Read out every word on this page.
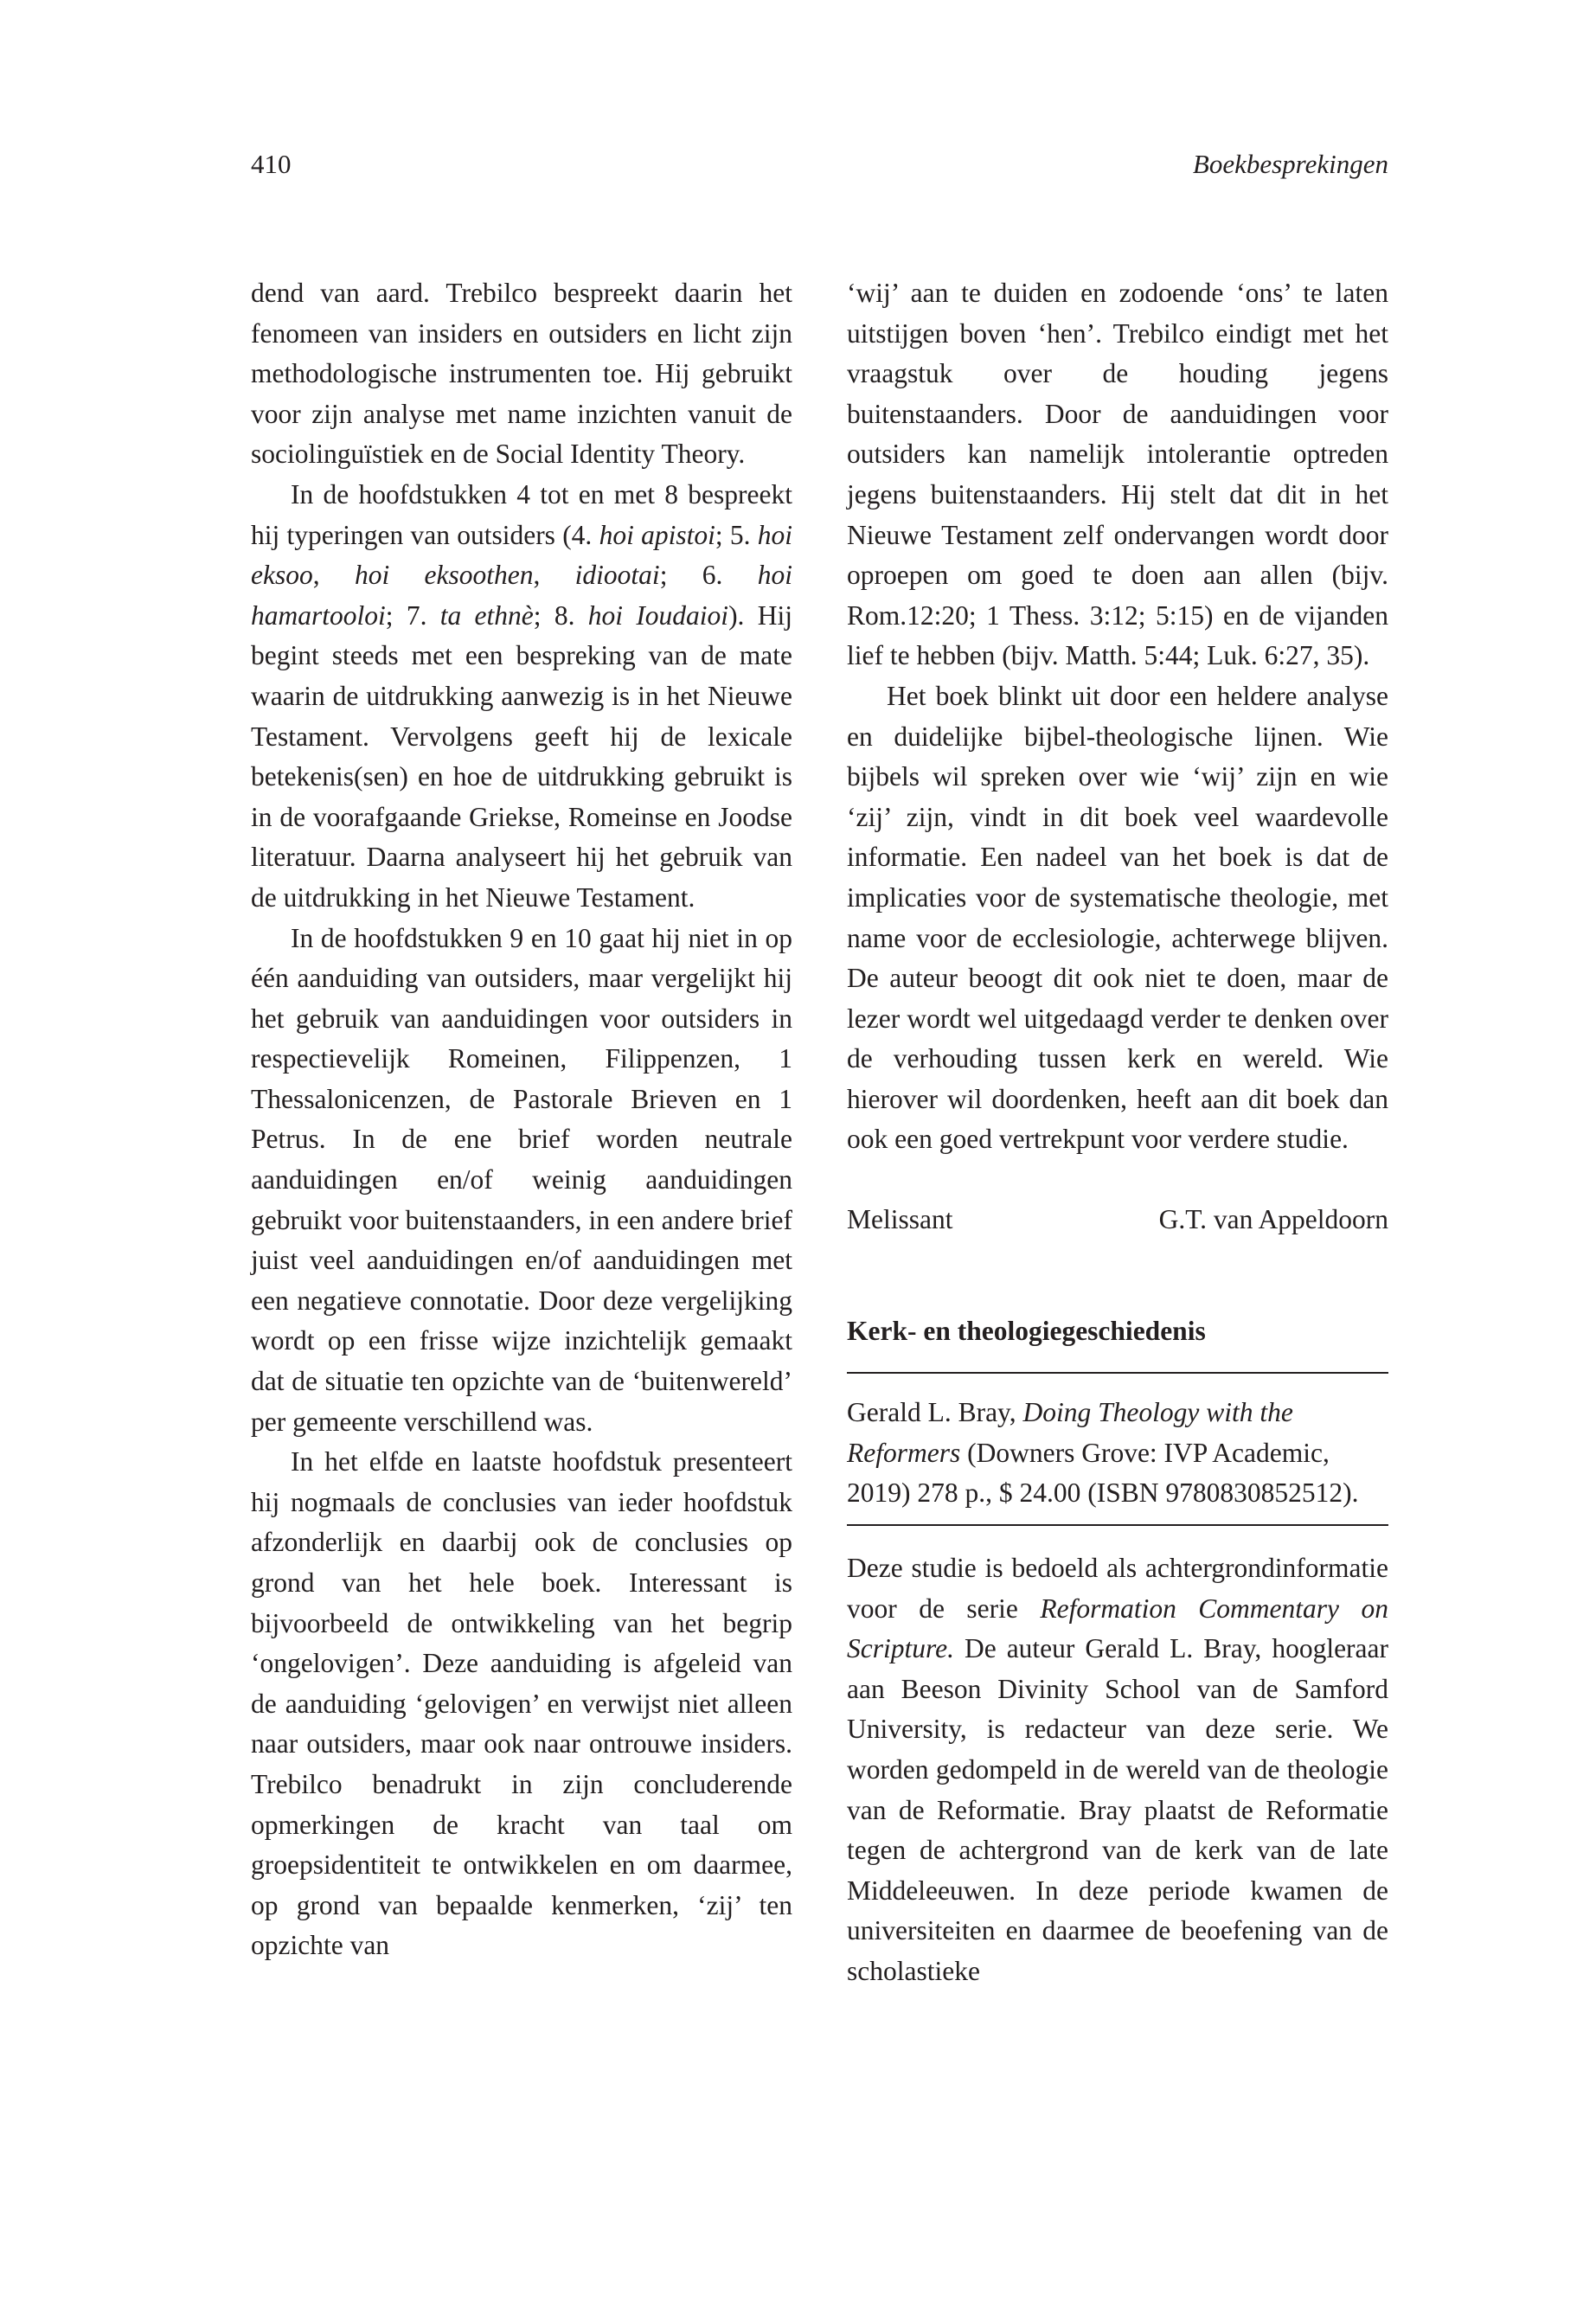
410	Boekbesprekingen

dend van aard. Trebilco bespreekt daarin het fenomeen van insiders en outsiders en licht zijn methodologische instrumenten toe. Hij gebruikt voor zijn analyse met name inzichten vanuit de sociolinguïstiek en de Social Identity Theory.

In de hoofdstukken 4 tot en met 8 bespreekt hij typeringen van outsiders (4. hoi apistoi; 5. hoi eksoo, hoi eksoothen, idiootai; 6. hoi hamartooloi; 7. ta ethnè; 8. hoi Ioudaioi). Hij begint steeds met een bespreking van de mate waarin de uitdrukking aanwezig is in het Nieuwe Testament. Vervolgens geeft hij de lexicale betekenis(sen) en hoe de uitdrukking gebruikt is in de voorafgaande Griekse, Romeinse en Joodse literatuur. Daarna analyseert hij het gebruik van de uitdrukking in het Nieuwe Testament.

In de hoofdstukken 9 en 10 gaat hij niet in op één aanduiding van outsiders, maar vergelijkt hij het gebruik van aanduidingen voor outsiders in respectievelijk Romeinen, Filippenzen, 1 Thessalonicenzen, de Pastorale Brieven en 1 Petrus. In de ene brief worden neutrale aanduidingen en/of weinig aanduidingen gebruikt voor buitenstaanders, in een andere brief juist veel aanduidingen en/of aanduidingen met een negatieve connotatie. Door deze vergelijking wordt op een frisse wijze inzichtelijk gemaakt dat de situatie ten opzichte van de ‘buitenwereld’ per gemeente verschillend was.

In het elfde en laatste hoofdstuk presenteert hij nogmaals de conclusies van ieder hoofdstuk afzonderlijk en daarbij ook de conclusies op grond van het hele boek. Interessant is bijvoorbeeld de ontwikkeling van het begrip ‘ongelovigen’. Deze aanduiding is afgeleid van de aanduiding ‘gelovigen’ en verwijst niet alleen naar outsiders, maar ook naar ontrouwe insiders. Trebilco benadrukt in zijn concluderende opmerkingen de kracht van taal om groepsidentiteit te ontwikkelen en om daarmee, op grond van bepaalde kenmerken, ‘zij’ ten opzichte van

‘wij’ aan te duiden en zodoende ‘ons’ te laten uitstijgen boven ‘hen’. Trebilco eindigt met het vraagstuk over de houding jegens buitenstaanders. Door de aanduidingen voor outsiders kan namelijk intolerantie optreden jegens buitenstaanders. Hij stelt dat dit in het Nieuwe Testament zelf ondervangen wordt door oproepen om goed te doen aan allen (bijv. Rom.12:20; 1 Thess. 3:12; 5:15) en de vijanden lief te hebben (bijv. Matth. 5:44; Luk. 6:27, 35).

Het boek blinkt uit door een heldere analyse en duidelijke bijbel-theologische lijnen. Wie bijbels wil spreken over wie ‘wij’ zijn en wie ‘zij’ zijn, vindt in dit boek veel waardevolle informatie. Een nadeel van het boek is dat de implicaties voor de systematische theologie, met name voor de ecclesiologie, achterwege blijven. De auteur beoogt dit ook niet te doen, maar de lezer wordt wel uitgedaagd verder te denken over de verhouding tussen kerk en wereld. Wie hierover wil doordenken, heeft aan dit boek dan ook een goed vertrekpunt voor verdere studie.

Melissant	G.T. van Appeldoorn
Kerk- en theologiegeschiedenis
Gerald L. Bray, Doing Theology with the Reformers (Downers Grove: IVP Academic, 2019) 278 p., $ 24.00 (ISBN 9780830852512).

Deze studie is bedoeld als achtergrondinformatie voor de serie Reformation Commentary on Scripture. De auteur Gerald L. Bray, hoogleraar aan Beeson Divinity School van de Samford University, is redacteur van deze serie. We worden gedompeld in de wereld van de theologie van de Reformatie. Bray plaatst de Reformatie tegen de achtergrond van de kerk van de late Middeleeuwen. In deze periode kwamen de universiteiten en daarmee de beoefening van de scholastieke
